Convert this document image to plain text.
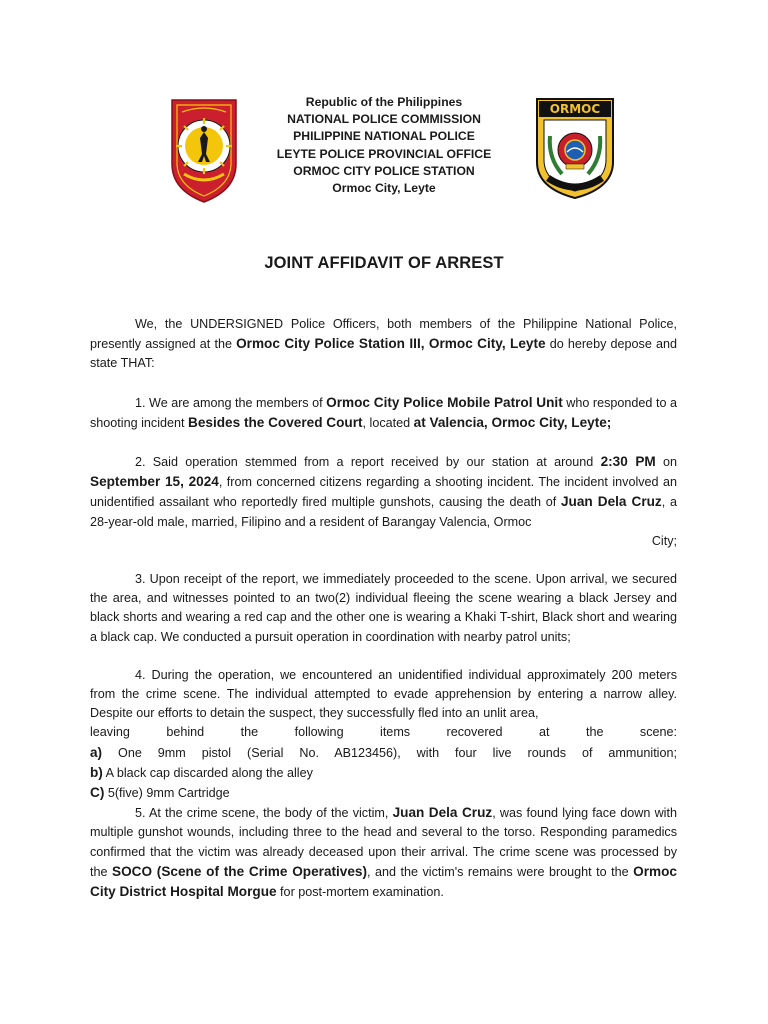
Republic of the Philippines
NATIONAL POLICE COMMISSION
PHILIPPINE NATIONAL POLICE
LEYTE POLICE PROVINCIAL OFFICE
ORMOC CITY POLICE STATION
Ormoc City, Leyte
ORMOC
JOINT AFFIDAVIT OF ARREST

We, the UNDERSIGNED Police Officers, both members of the Philippine National Police, presently assigned at the Ormoc City Police Station III, Ormoc City, Leyte do hereby depose and state THAT:

1. We are among the members of Ormoc City Police Mobile Patrol Unit who responded to a shooting incident Besides the Covered Court, located at Valencia, Ormoc City, Leyte;

2. Said operation stemmed from a report received by our station at around 2:30 PM on September 15, 2024, from concerned citizens regarding a shooting incident. The incident involved an unidentified assailant who reportedly fired multiple gunshots, causing the death of Juan Dela Cruz, a 28-year-old male, married, Filipino and a resident of Barangay Valencia, Ormoc

City;

3. Upon receipt of the report, we immediately proceeded to the scene. Upon arrival, we secured the area, and witnesses pointed to an two(2) individual fleeing the scene wearing a black Jersey and black shorts and wearing a red cap and the other one is wearing a Khaki T-shirt, Black short and wearing a black cap. We conducted a pursuit operation in coordination with nearby patrol units;

4. During the operation, we encountered an unidentified individual approximately 200 meters from the crime scene. The individual attempted to evade apprehension by entering a narrow alley. Despite our efforts to detain the suspect, they successfully fled into an unlit area,

leaving behind the following items recovered at the scene:

a) One 9mm pistol (Serial No. AB123456), with four live rounds of ammunition;

b) A black cap discarded along the alley

C) 5(five) 9mm Cartridge

5. At the crime scene, the body of the victim, Juan Dela Cruz, was found lying face down with multiple gunshot wounds, including three to the head and several to the torso. Responding paramedics confirmed that the victim was already deceased upon their arrival. The crime scene was processed by the SOCO (Scene of the Crime Operatives), and the victim's remains were brought to the Ormoc City District Hospital Morgue for post-mortem examination.
